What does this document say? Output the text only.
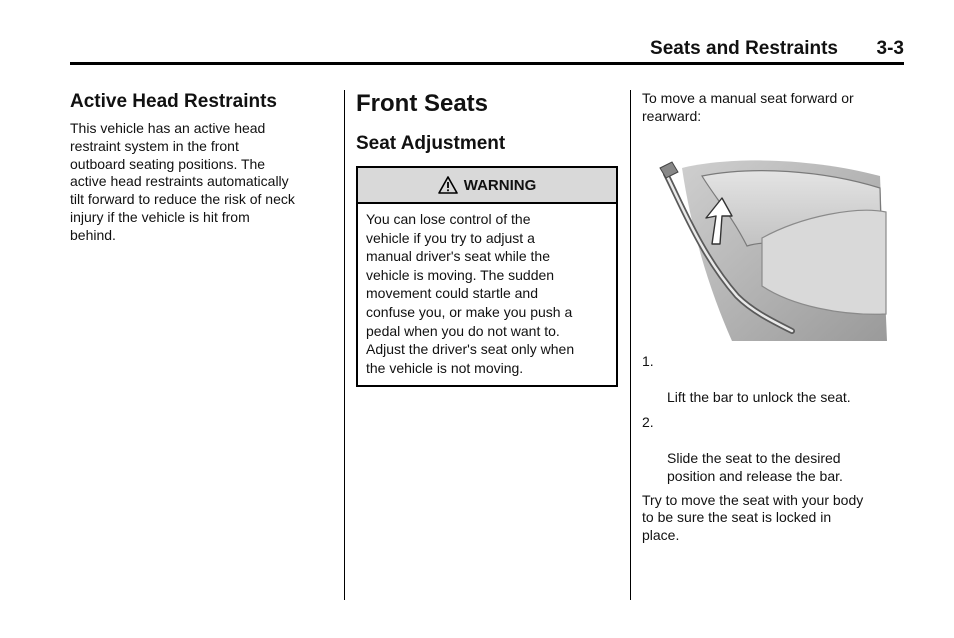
Seats and Restraints 3-3
Active Head Restraints

This vehicle has an active head
restraint system in the front
outboard seating positions. The
active head restraints automatically
tilt forward to reduce the risk of neck
injury if the vehicle is hit from
behind.

Front Seats
Seat Adjustment
WARNING
You can lose control of the
vehicle if you try to adjust a
manual driver's seat while the
vehicle is moving. The sudden
movement could startle and
confuse you, or make you push a
pedal when you do not want to.
Adjust the driver's seat only when
the vehicle is not moving.

To move a manual seat forward or
rearward:

1.

Lift the bar to unlock the seat.

2.

Slide the seat to the desired
position and release the bar.

Try to move the seat with your body
to be sure the seat is locked in
place.
